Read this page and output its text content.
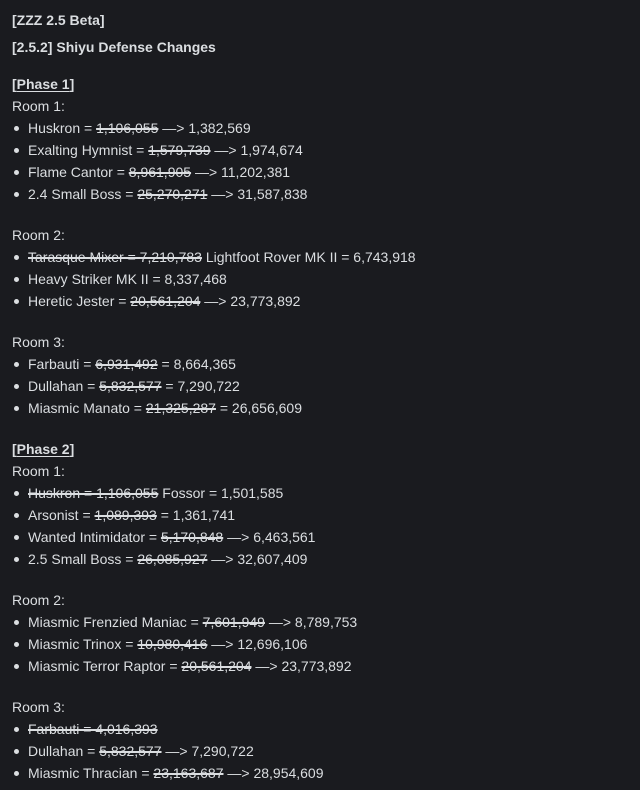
[ZZZ 2.5 Beta]
[2.5.2] Shiyu Defense Changes
[Phase 1]
Room 1:
Huskron = 1,106,055 —> 1,382,569
Exalting Hymnist = 1,579,739 —> 1,974,674
Flame Cantor = 8,961,905 —> 11,202,381
2.4 Small Boss = 25,270,271 —> 31,587,838
Room 2:
Tarasque Mixer = 7,210,783 Lightfoot Rover MK II = 6,743,918
Heavy Striker MK II = 8,337,468
Heretic Jester = 20,561,204 —> 23,773,892
Room 3:
Farbauti = 6,931,492 = 8,664,365
Dullahan = 5,832,577 = 7,290,722
Miasmic Manato = 21,325,287 = 26,656,609
[Phase 2]
Room 1:
Huskron = 1,106,055 Fossor = 1,501,585
Arsonist = 1,089,393 = 1,361,741
Wanted Intimidator = 5,170,848 —> 6,463,561
2.5 Small Boss = 26,085,927 —> 32,607,409
Room 2:
Miasmic Frenzied Maniac = 7,601,949 —> 8,789,753
Miasmic Trinox = 10,980,416 —> 12,696,106
Miasmic Terror Raptor = 20,561,204 —> 23,773,892
Room 3:
Farbauti = 4,016,393
Dullahan = 5,832,577 —> 7,290,722
Miasmic Thracian = 23,163,687 —> 28,954,609
